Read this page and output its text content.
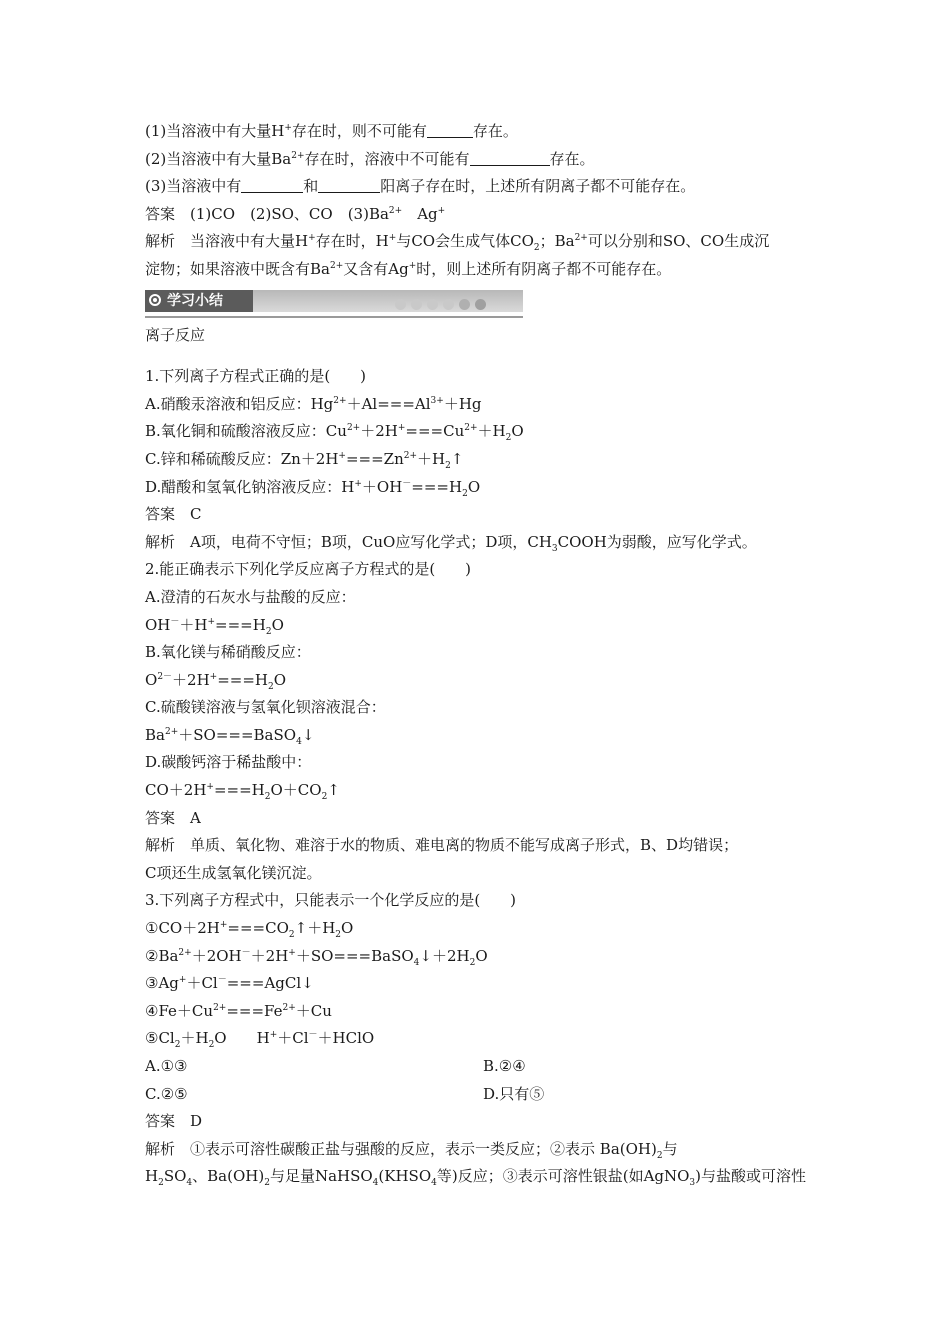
(1)当溶液中有大量H+存在时，则不可能有	存在。
(2)当溶液中有大量$Ba^{2+}$存在时，溶液中不可能有	存在。
(3)当溶液中有	和	阳离子存在时，上述所有阴离子都不可能存在。
答案　 (1)CO　 (2)SO、CO　 $(3)Ba^{2+}$　 Ag+
解析　 当溶液中有大量H+存在时，H+与CO会生成气体$CO_2$；$Ba^{2+}$可以分别和SO、CO生成沉
淀物；如果溶液中既含有$Ba^{2+}$又含有Ag+时，则上述所有阴离子都不可能存在。
学习小结
离子反应
1.下列离子方程式正确的是(　　)
A.硝酸汞溶液和铝反应：$Hg^{2+}+Al===Al^{3+}+Hg$
B.氧化铜和硫酸溶液反应：$Cu^{2+}+2H^+===Cu^{2+}+H_2O$
C.锌和稀硫酸反应：$Zn+2H^+===Zn^{2+}+H_2↑$
D.醋酸和氢氧化钠溶液反应：$H^++OH^-===H_2O$
答案　 C
解析　 A项，电荷不守恒；B项，CuO应写化学式；D项，$CH_3COOH$为弱酸，应写化学式。
2.能正确表示下列化学反应离子方程式的是(　　)
A.澄清的石灰水与盐酸的反应：
$OH^-+H^+===H_2O$
B.氧化镁与稀硝酸反应：
$O^{2-}+2H^+===H_2O$
C.硫酸镁溶液与氢氧化钡溶液混合：
$Ba^{2+}+SO===BaSO_4↓$
D.碳酸钙溶于稀盐酸中：
$CO+2H^+===H_2O+CO_2↑$
答案　 A
解析　 单质、氧化物、难溶于水的物质、难电离的物质不能写成离子形式，B、D均错误；
C项还生成氢氧化镁沉淀。
3.下列离子方程式中，只能表示一个化学反应的是(　　)
$①CO+2H^+===CO_2↑+H_2O$
$②Ba^{2+}+2OH^-+2H^++SO===BaSO_4↓+2H_2O$
③Ag+＋Cl－===AgCl↓
$④Fe+Cu^{2+}===Fe^{2+}+Cu$
$⑤Cl_2+H_2O$　　H+＋Cl－＋HClO
A.①③	B.②④
C.②⑤	D.只有⑤
答案　 D
解析　 ①表示可溶性碳酸正盐与强酸的反应，表示一类反应；②表示 $Ba(OH)_2$与
$H_2SO_4$、$Ba(OH)_2$与足量$NaHSO_4(KHSO_4$等)反应；③表示可溶性银盐(如AgNO$_3$)与盐酸或可溶性
